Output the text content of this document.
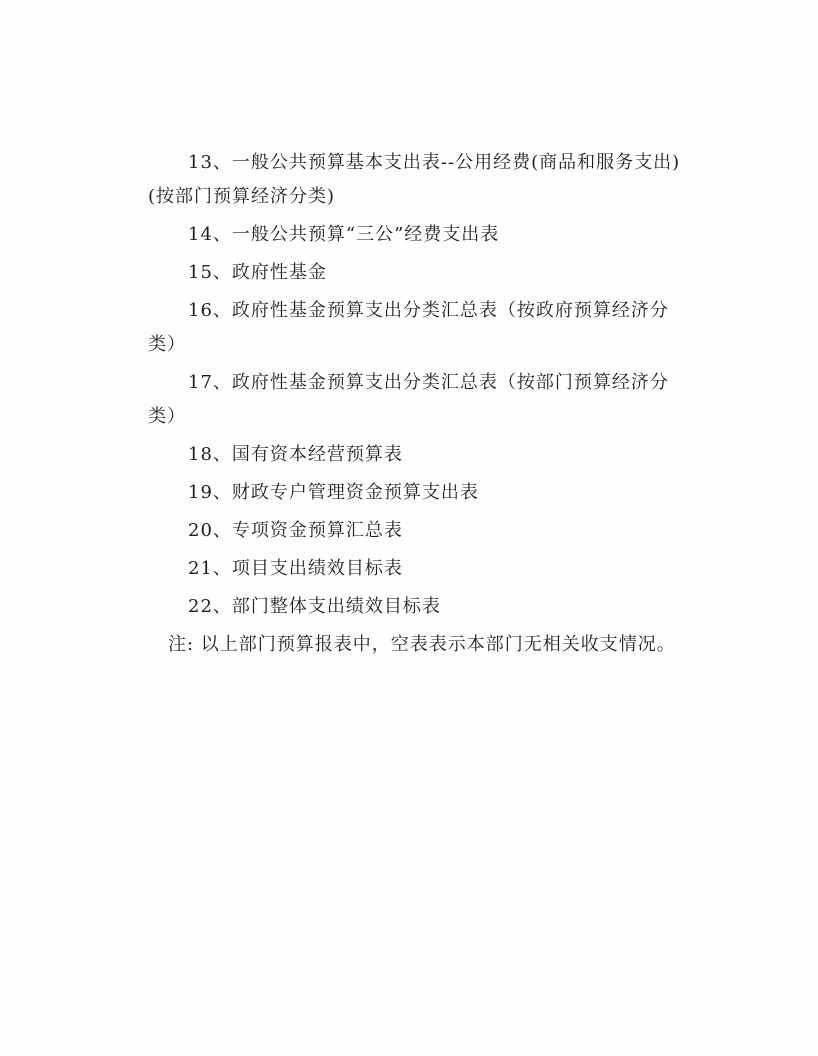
13、一般公共预算基本支出表--公用经费(商品和服务支出)(按部门预算经济分类)

14、一般公共预算“三公”经费支出表

15、政府性基金

16、政府性基金预算支出分类汇总表（按政府预算经济分类）

17、政府性基金预算支出分类汇总表（按部门预算经济分类）

18、国有资本经营预算表

19、财政专户管理资金预算支出表

20、专项资金预算汇总表

21、项目支出绩效目标表

22、部门整体支出绩效目标表

注: 以上部门预算报表中，空表表示本部门无相关收支情况。
